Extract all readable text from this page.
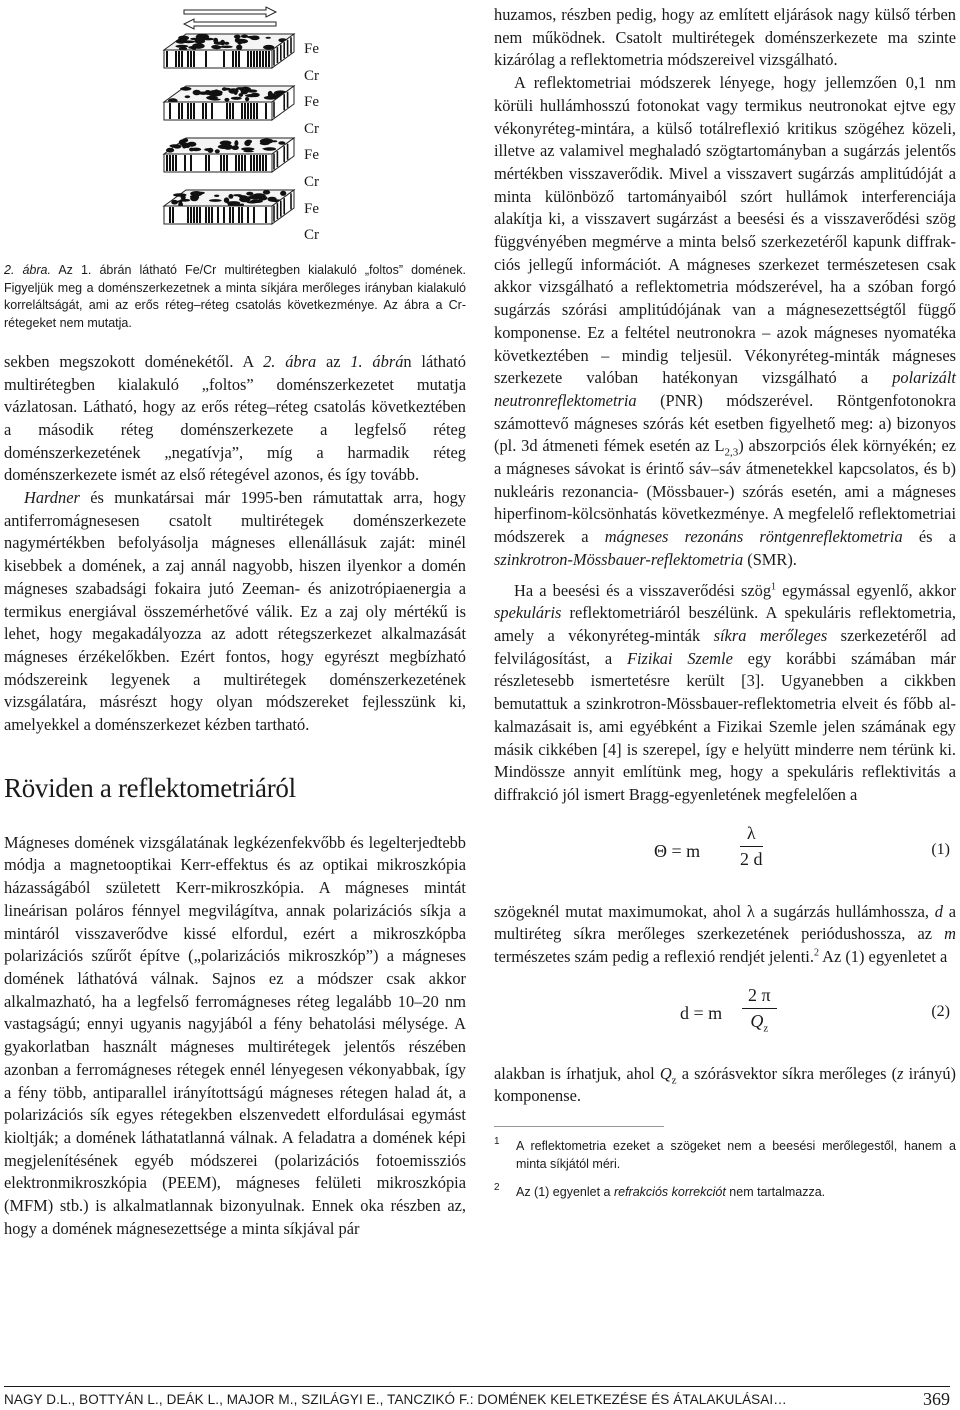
Fe
Cr
Fe
Cr
Fe
Cr
Fe
Cr

2. ábra. Az 1. ábrán látható Fe/Cr multirétegben kialakuló „foltos” domének. Figyeljük meg a doménszerkezetnek a minta síkjára merőleges irányban kialakuló korreláltságát, ami az erős réteg–réteg csatolás következménye. Az ábra a Cr-rétegeket nem mutatja.

sekben megszokott doménekétől. A 2. ábra az 1. ábrán látható multirétegben kialakuló „foltos” doménszerkezetet mutatja vázlatosan. Látható, hogy az erős réteg–réteg csatolás következtében a második réteg doménszerkezete a legfelső réteg doménszerkezetének „negatívja”, míg a harmadik réteg doménszerkezete ismét az első rétegével azonos, és így tovább.

Hardner és munkatársai már 1995-ben rámutattak arra, hogy antiferromágnesesen csatolt multirétegek doménszerkezete nagymértékben befolyásolja mágneses ellenállásuk zaját: minél kisebbek a domének, a zaj annál nagyobb, hiszen ilyenkor a domén mágneses szabadsági fokaira jutó Zeeman- és anizotrópiaenergia a termikus energiával összemérhetővé válik. Ez a zaj oly mértékű is lehet, hogy megakadályozza az adott rétegszerkezet alkalmazását mágneses érzékelőkben. Ezért fontos, hogy egyrészt megbízható módszereink legyenek a multirétegek doménszerkezetének vizsgálatára, másrészt hogy olyan módszereket fejlesszünk ki, amelyekkel a doménszerkezet kézben tartható.

Röviden a reflektometriáról

Mágneses domének vizsgálatának legkézenfekvőbb és legelterjedtebb módja a magnetooptikai Kerr-effektus és az optikai mikroszkópia házasságából született Kerr-mikroszkópia. A mágneses mintát lineárisan poláros fénnyel megvilágítva, annak polarizációs síkja a mintáról visszaverődve kissé elfordul, ezért a mikroszkópba polarizációs szűrőt építve („polarizációs mikroszkóp”) a mágneses domének láthatóvá válnak. Sajnos ez a módszer csak akkor alkalmazható, ha a legfelső ferromágneses réteg legalább 10–20 nm vastagságú; ennyi ugyanis nagyjából a fény behatolási mélysége. A gyakorlatban használt mágneses multirétegek jelentős részében azonban a ferromágneses rétegek ennél lényegesen vékonyabbak, így a fény több, antiparallel irányítottságú mágneses rétegen halad át, a polarizációs sík egyes rétegekben elszenvedett elfordulásai egymást kioltják; a domének láthatatlanná válnak. A feladatra a domének képi megjelenítésének egyéb módszerei (polarizációs fotoemissziós elektronmikroszkópia (PEEM), mágneses felületi mikroszkópia (MFM) stb.) is alkalmatlannak bizonyulnak. Ennek oka részben az, hogy a domének mágnesezettsége a minta síkjával pár

huzamos, részben pedig, hogy az említett eljárások nagy külső térben nem működnek. Csatolt multirétegek doménszerkezete ma szinte kizárólag a reflektometria módszereivel vizsgálható.

A reflektometriai módszerek lényege, hogy jellemzően 0,1 nm körüli hullámhosszú fotonokat vagy termikus neutronokat ejtve egy vékonyréteg-mintára, a külső totálreflexió kritikus szögéhez közeli, illetve az valamivel meghaladó szögtartományban a sugárzás jelentős mértékben visszaverődik. Mivel a visszavert sugárzás amplitúdóját a minta különböző tartományaiból szórt hullámok interferenciája alakítja ki, a visszavert sugárzást a beesési és a visszaverődési szög függvényében megmérve a minta belső szerkezetéről kapunk diffrakciós jellegű információt. A mágneses szerkezet természetesen csak akkor vizsgálható a reflektometria módszerével, ha a szóban forgó sugárzás szórási amplitúdójának van a mágnesezettségtől függő komponense. Ez a feltétel neutronokra – azok mágneses nyomatéka következtében – mindig teljesül. Vékonyréteg-minták mágneses szerkezete valóban hatékonyan vizsgálható a polarizált neutronreflektometria (PNR) módszerével. Röntgenfotonokra számottevő mágneses szórás két esetben figyelhető meg: a) bizonyos (pl. 3d átmeneti fémek esetén az $L_{2,3}$) abszorpciós élek környékén; ez a mágneses sávokat is érintő sáv–sáv átmenetekkel kapcsolatos, és b) nukleáris rezonancia- (Mössbauer-) szórás esetén, ami a mágneses hiperfinom-kölcsönhatás következménye. A megfelelő reflektometriai módszerek a mágneses rezonáns röntgenreflektometria és a szinkrotron-Mössbauer-reflektometria (SMR).

Ha a beesési és a visszaverődési szög$^1$ egymással egyenlő, akkor spekuláris reflektometriáról beszélünk. A spekuláris reflektometria, amely a vékonyréteg-minták síkra merőleges szerkezetéről ad felvilágosítást, a Fizikai Szemle egy korábbi számában már részletesebb ismertetésre került [3]. Ugyanebben a cikkben bemutattuk a szinkrotron-Mössbauer-reflektometria elveit és főbb alkalmazásait is, ami egyébként a Fizikai Szemle jelen számának egy másik cikkében [4] is szerepel, így e helyütt minderre nem térünk ki. Mindössze annyit említünk meg, hogy a spekuláris reflektivitás a diffrakció jól ismert Bragg-egyenletének megfelelően a

Θ = m $\frac{\lambda}{2 d}$	(1)

szögeknél mutat maximumokat, ahol λ a sugárzás hullámhossza, d a multiréteg síkra merőleges szerkezetének periódushossza, az m természetes szám pedig a reflexió rendjét jelenti.$^2$ Az (1) egyenletet a

d = m $\frac{2 \pi}{Q_z}$	(2)

alakban is írhatjuk, ahol $Q_z$ a szórásvektor síkra merőleges (z irányú) komponense.

1 A reflektometria ezeket a szögeket nem a beesési merőlegestől, hanem a minta síkjától méri.

2 Az (1) egyenlet a refrakciós korrekciót nem tartalmazza.

NAGY D.L., BOTTYÁN L., DEÁK L., MAJOR M., SZILÁGYI E., TANCZIKÓ F.: DOMÉNEK KELETKEZÉSE ÉS ÁTALAKULÁSAI…	369
